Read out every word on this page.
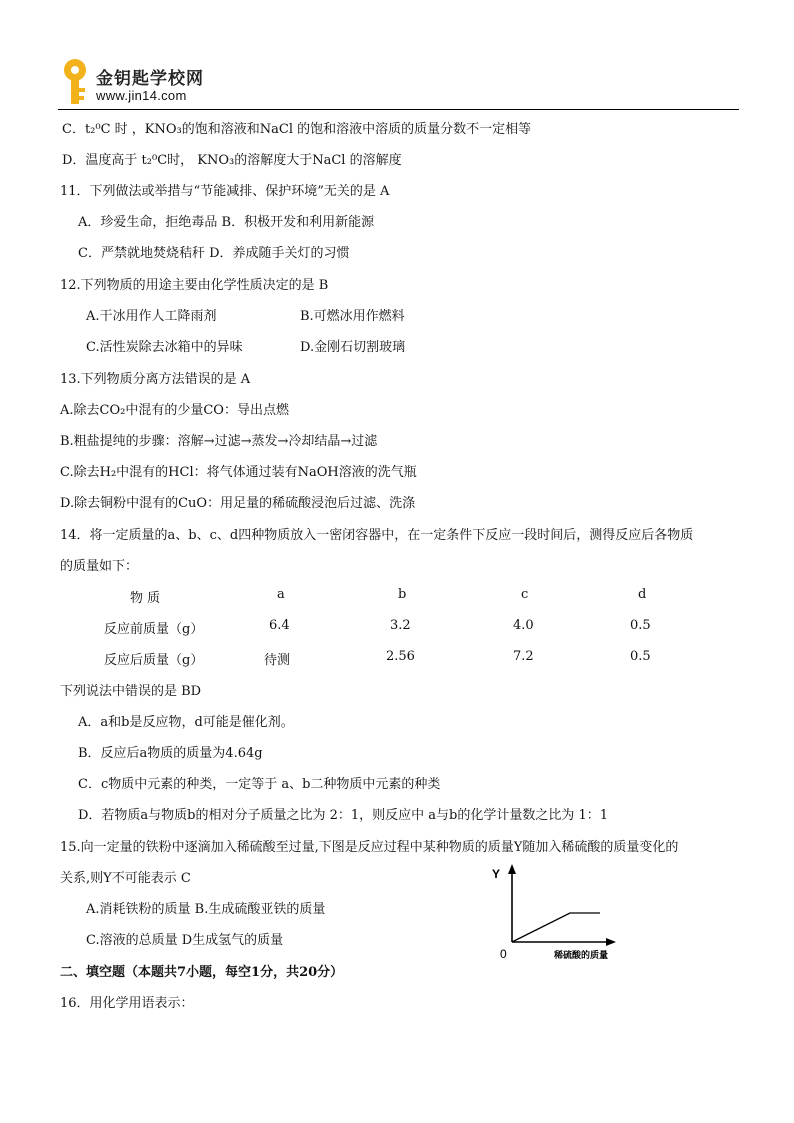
金钥匙学校网
www.jin14.com
C．t₂⁰C 时 ，KNO₃的饱和溶液和NaCl 的饱和溶液中溶质的质量分数不一定相等
D．温度高于 t₂⁰C时， KNO₃的溶解度大于NaCl 的溶解度
11．下列做法或举措与“节能减排、保护环境”无关的是 A
A．珍爱生命，拒绝毒品 B．积极开发和利用新能源
C．严禁就地焚烧秸秆 D．养成随手关灯的习惯
12.下列物质的用途主要由化学性质决定的是 B
A.干冰用作人工降雨剂	B.可燃冰用作燃料
C.活性炭除去冰箱中的异味	D.金刚石切割玻璃
13.下列物质分离方法错误的是 A
A.除去CO₂中混有的少量CO：导出点燃
B.粗盐提纯的步骤：溶解→过滤→蒸发→冷却结晶→过滤
C.除去H₂中混有的HCl：将气体通过装有NaOH溶液的洗气瓶
D.除去铜粉中混有的CuO：用足量的稀硫酸浸泡后过滤、洗涤
14．将一定质量的a、b、c、d四种物质放入一密闭容器中，在一定条件下反应一段时间后，测得反应后各物质
的质量如下：
物 质	a	b	c	d
反应前质量（g）	6.4	3.2	4.0	0.5
反应后质量（g）	待测	2.56	7.2	0.5
下列说法中错误的是 BD
A．a和b是反应物，d可能是催化剂。
B．反应后a物质的质量为4.64g
C．c物质中元素的种类，一定等于 a、b二种物质中元素的种类
D．若物质a与物质b的相对分子质量之比为 2：1，则反应中 a与b的化学计量数之比为 1：1
15.向一定量的铁粉中逐滴加入稀硫酸至过量,下图是反应过程中某种物质的质量Y随加入稀硫酸的质量变化的
关系,则Y不可能表示 C
A.消耗铁粉的质量 B.生成硫酸亚铁的质量
C.溶液的总质量 D生成氢气的质量
Y
0	稀硫酸的质量
二、填空题（本题共7小题，每空1分，共20分）
16．用化学用语表示：
